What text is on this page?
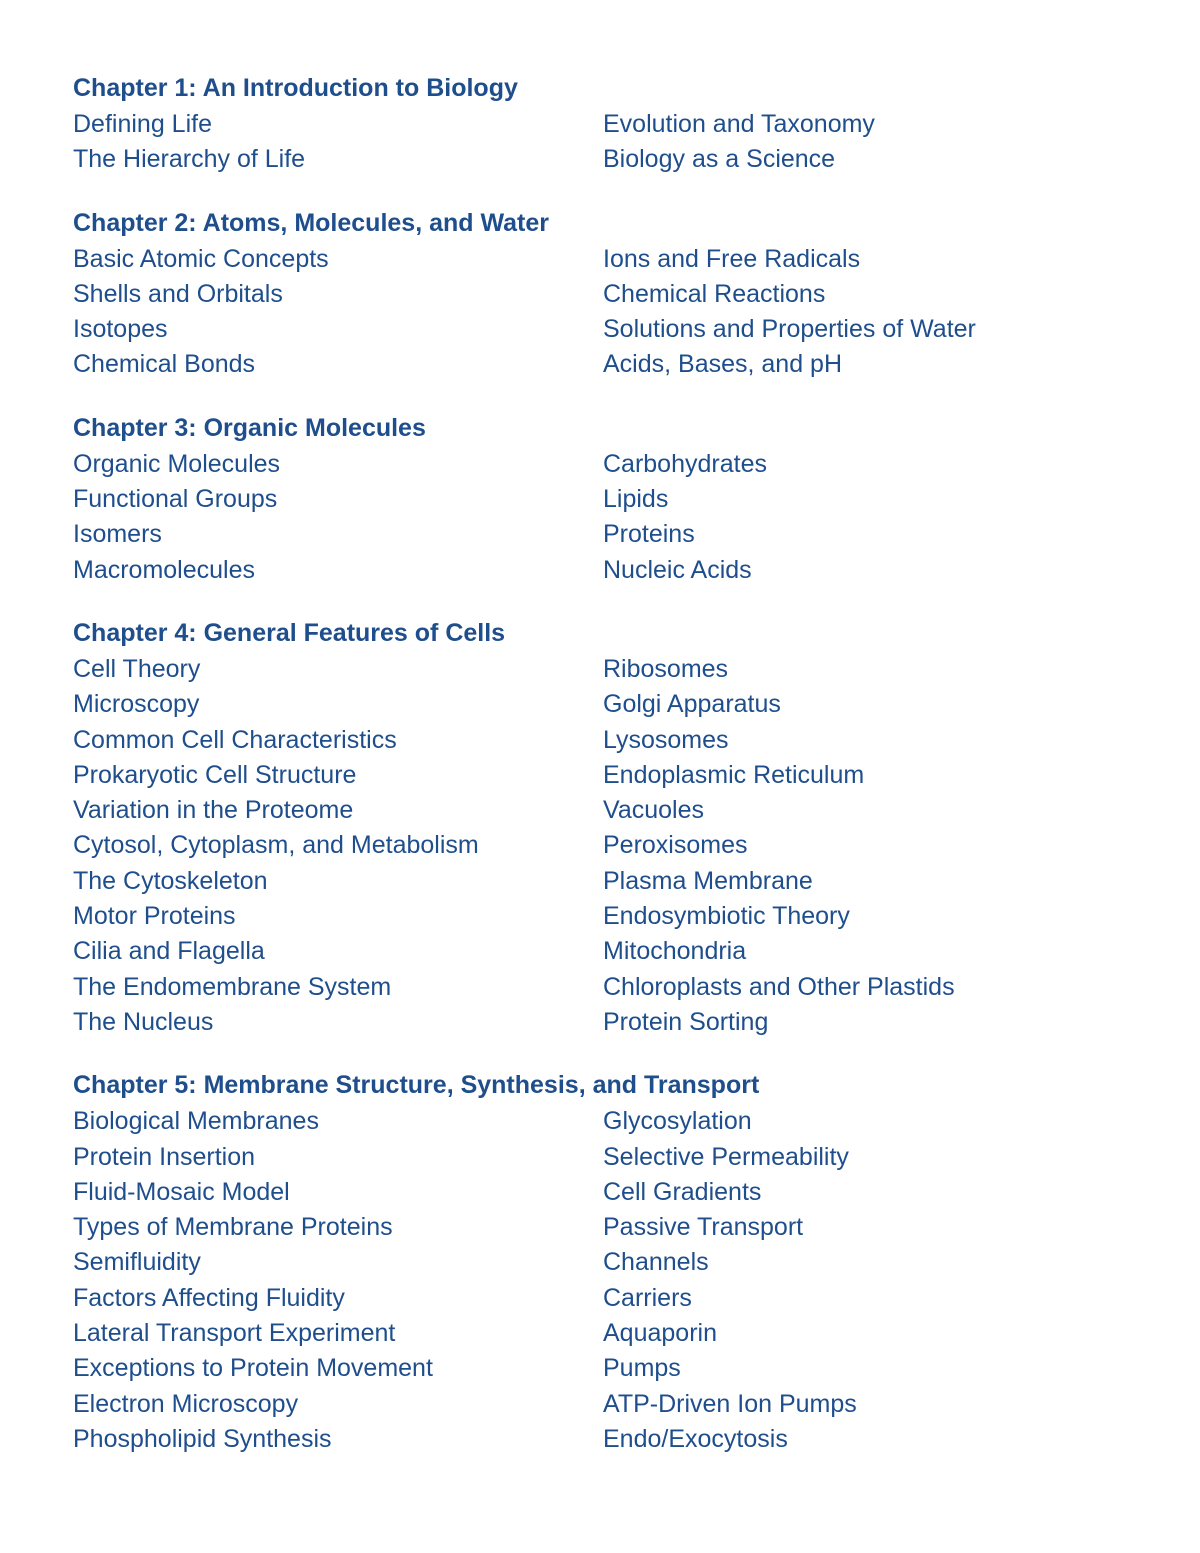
Chapter 1: An Introduction to Biology
Defining Life
The Hierarchy of Life
Evolution and Taxonomy
Biology as a Science
Chapter 2: Atoms, Molecules, and Water
Basic Atomic Concepts
Shells and Orbitals
Isotopes
Chemical Bonds
Ions and Free Radicals
Chemical Reactions
Solutions and Properties of Water
Acids, Bases, and pH
Chapter 3: Organic Molecules
Organic Molecules
Functional Groups
Isomers
Macromolecules
Carbohydrates
Lipids
Proteins
Nucleic Acids
Chapter 4: General Features of Cells
Cell Theory
Microscopy
Common Cell Characteristics
Prokaryotic Cell Structure
Variation in the Proteome
Cytosol, Cytoplasm, and Metabolism
The Cytoskeleton
Motor Proteins
Cilia and Flagella
The Endomembrane System
The Nucleus
Ribosomes
Golgi Apparatus
Lysosomes
Endoplasmic Reticulum
Vacuoles
Peroxisomes
Plasma Membrane
Endosymbiotic Theory
Mitochondria
Chloroplasts and Other Plastids
Protein Sorting
Chapter 5: Membrane Structure, Synthesis, and Transport
Biological Membranes
Protein Insertion
Fluid-Mosaic Model
Types of Membrane Proteins
Semifluidity
Factors Affecting Fluidity
Lateral Transport Experiment
Exceptions to Protein Movement
Electron Microscopy
Phospholipid Synthesis
Glycosylation
Selective Permeability
Cell Gradients
Passive Transport
Channels
Carriers
Aquaporin
Pumps
ATP-Driven Ion Pumps
Endo/Exocytosis
